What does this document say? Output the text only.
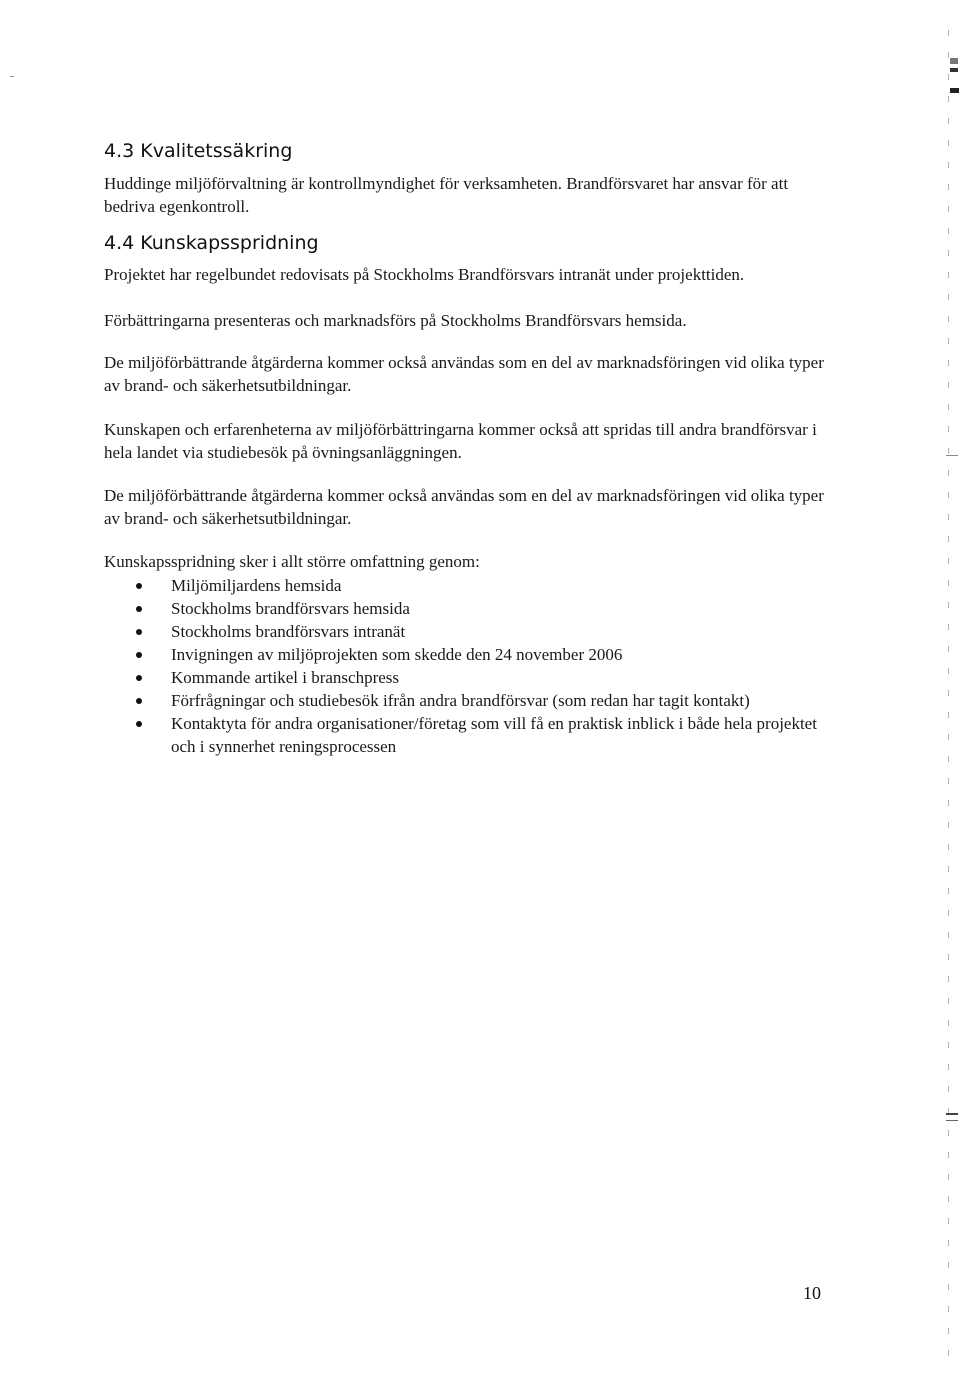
4.3 Kvalitetssäkring

Huddinge miljöförvaltning är kontrollmyndighet för verksamheten. Brandförsvaret har ansvar för att bedriva egenkontroll.

4.4 Kunskapsspridning

Projektet har regelbundet redovisats på Stockholms Brandförsvars intranät under projekttiden.

Förbättringarna presenteras och marknadsförs på Stockholms Brandförsvars hemsida.

De miljöförbättrande åtgärderna kommer också användas som en del av marknadsföringen vid olika typer av brand- och säkerhetsutbildningar.

Kunskapen och erfarenheterna av miljöförbättringarna kommer också att spridas till andra brandförsvar i hela landet via studiebesök på övningsanläggningen.

De miljöförbättrande åtgärderna kommer också användas som en del av marknadsföringen vid olika typer av brand- och säkerhetsutbildningar.

Kunskapsspridning sker i allt större omfattning genom:

Miljömiljardens hemsida
Stockholms brandförsvars hemsida
Stockholms brandförsvars intranät
Invigningen av miljöprojekten som skedde den 24 november 2006
Kommande artikel i branschpress
Förfrågningar och studiebesök ifrån andra brandförsvar (som redan har tagit kontakt)
Kontaktyta för andra organisationer/företag som vill få en praktisk inblick i både hela projektet och i synnerhet reningsprocessen
10
